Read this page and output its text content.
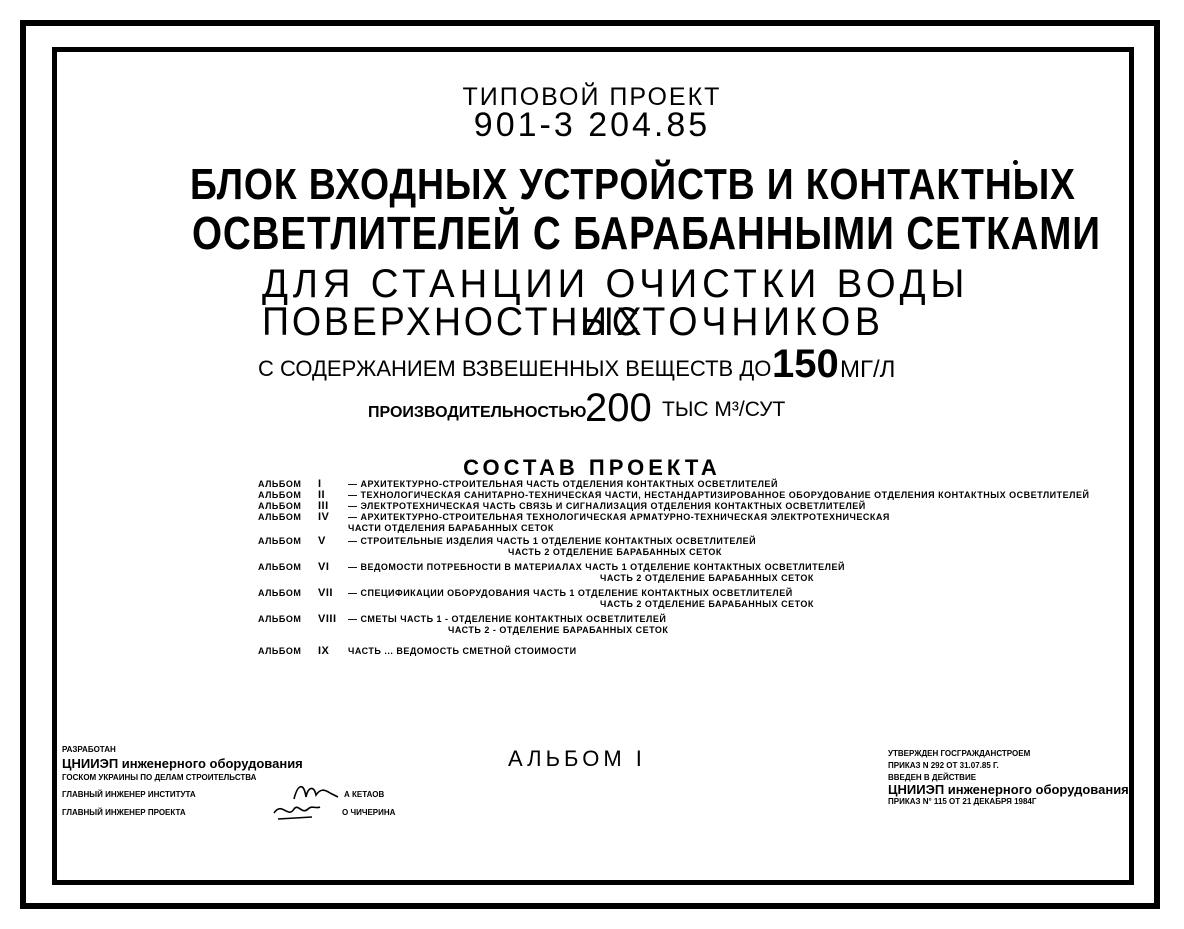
ТИПОВОЙ ПРОЕКТ
901-3 204.85
БЛОК ВХОДНЫХ УСТРОЙСТВ И КОНТАКТНЫХ
ОСВЕТЛИТЕЛЕЙ С БАРАБАННЫМИ СЕТКАМИ
ДЛЯ СТАНЦИИ ОЧИСТКИ ВОДЫ
ПОВЕРХНОСТНЫХ
ИСТОЧНИКОВ
С СОДЕРЖАНИЕМ ВЗВЕШЕННЫХ ВЕЩЕСТВ ДО 150 МГ/Л
ПРОИЗВОДИТЕЛЬНОСТЬЮ
200 ТЫС М³/СУТ
СОСТАВ ПРОЕКТА
АЛЬБОМ	I	— АРХИТЕКТУРНО-СТРОИТЕЛЬНАЯ ЧАСТЬ ОТДЕЛЕНИЯ КОНТАКТНЫХ ОСВЕТЛИТЕЛЕЙ
АЛЬБОМ	II	— ТЕХНОЛОГИЧЕСКАЯ САНИТАРНО-ТЕХНИЧЕСКАЯ ЧАСТИ, НЕСТАНДАРТИЗИРОВАННОЕ ОБОРУДОВАНИЕ ОТДЕЛЕНИЯ КОНТАКТНЫХ ОСВЕТЛИТЕЛЕЙ
АЛЬБОМ	III	— ЭЛЕКТРОТЕХНИЧЕСКАЯ ЧАСТЬ СВЯЗЬ И СИГНАЛИЗАЦИЯ ОТДЕЛЕНИЯ КОНТАКТНЫХ ОСВЕТЛИТЕЛЕЙ
АЛЬБОМ	IV	— АРХИТЕКТУРНО-СТРОИТЕЛЬНАЯ ТЕХНОЛОГИЧЕСКАЯ АРМАТУРНО-ТЕХНИЧЕСКАЯ ЭЛЕКТРОТЕХНИЧЕСКАЯ
ЧАСТИ ОТДЕЛЕНИЯ БАРАБАННЫХ СЕТОК
АЛЬБОМ	V	— СТРОИТЕЛЬНЫЕ ИЗДЕЛИЯ ЧАСТЬ 1 ОТДЕЛЕНИЕ КОНТАКТНЫХ ОСВЕТЛИТЕЛЕЙ
ЧАСТЬ 2 ОТДЕЛЕНИЕ БАРАБАННЫХ СЕТОК
АЛЬБОМ	VI	— ВЕДОМОСТИ ПОТРЕБНОСТИ В МАТЕРИАЛАХ ЧАСТЬ 1 ОТДЕЛЕНИЕ КОНТАКТНЫХ ОСВЕТЛИТЕЛЕЙ
ЧАСТЬ 2 ОТДЕЛЕНИЕ БАРАБАННЫХ СЕТОК
АЛЬБОМ	VII	— СПЕЦИФИКАЦИИ ОБОРУДОВАНИЯ ЧАСТЬ 1 ОТДЕЛЕНИЕ КОНТАКТНЫХ ОСВЕТЛИТЕЛЕЙ
ЧАСТЬ 2 ОТДЕЛЕНИЕ БАРАБАННЫХ СЕТОК
АЛЬБОМ	VIII	— СМЕТЫ ЧАСТЬ 1 - ОТДЕЛЕНИЕ КОНТАКТНЫХ ОСВЕТЛИТЕЛЕЙ
ЧАСТЬ 2 - ОТДЕЛЕНИЕ БАРАБАННЫХ СЕТОК
АЛЬБОМ	IX	ЧАСТЬ ... ВЕДОМОСТЬ СМЕТНОЙ СТОИМОСТИ
АЛЬБОМ I
РАЗРАБОТАН
ЦНИИЭП инженерного оборудования
ГОСКОМ УКРАИНЫ ПО ДЕЛАМ СТРОИТЕЛЬСТВА
ГЛАВНЫЙ ИНЖЕНЕР ИНСТИТУТА	А КЕТАОВ
ГЛАВНЫЙ ИНЖЕНЕР ПРОЕКТА	О ЧИЧЕРИНА
УТВЕРЖДЕН ГОСГРАЖДАНСТРОЕМ
ПРИКАЗ N 292 ОТ 31.07.85 Г.
ВВЕДЕН В ДЕЙСТВИЕ
ЦНИИЭП инженерного оборудования
ПРИКАЗ N° 115 ОТ 21 ДЕКАБРЯ 1984Г
